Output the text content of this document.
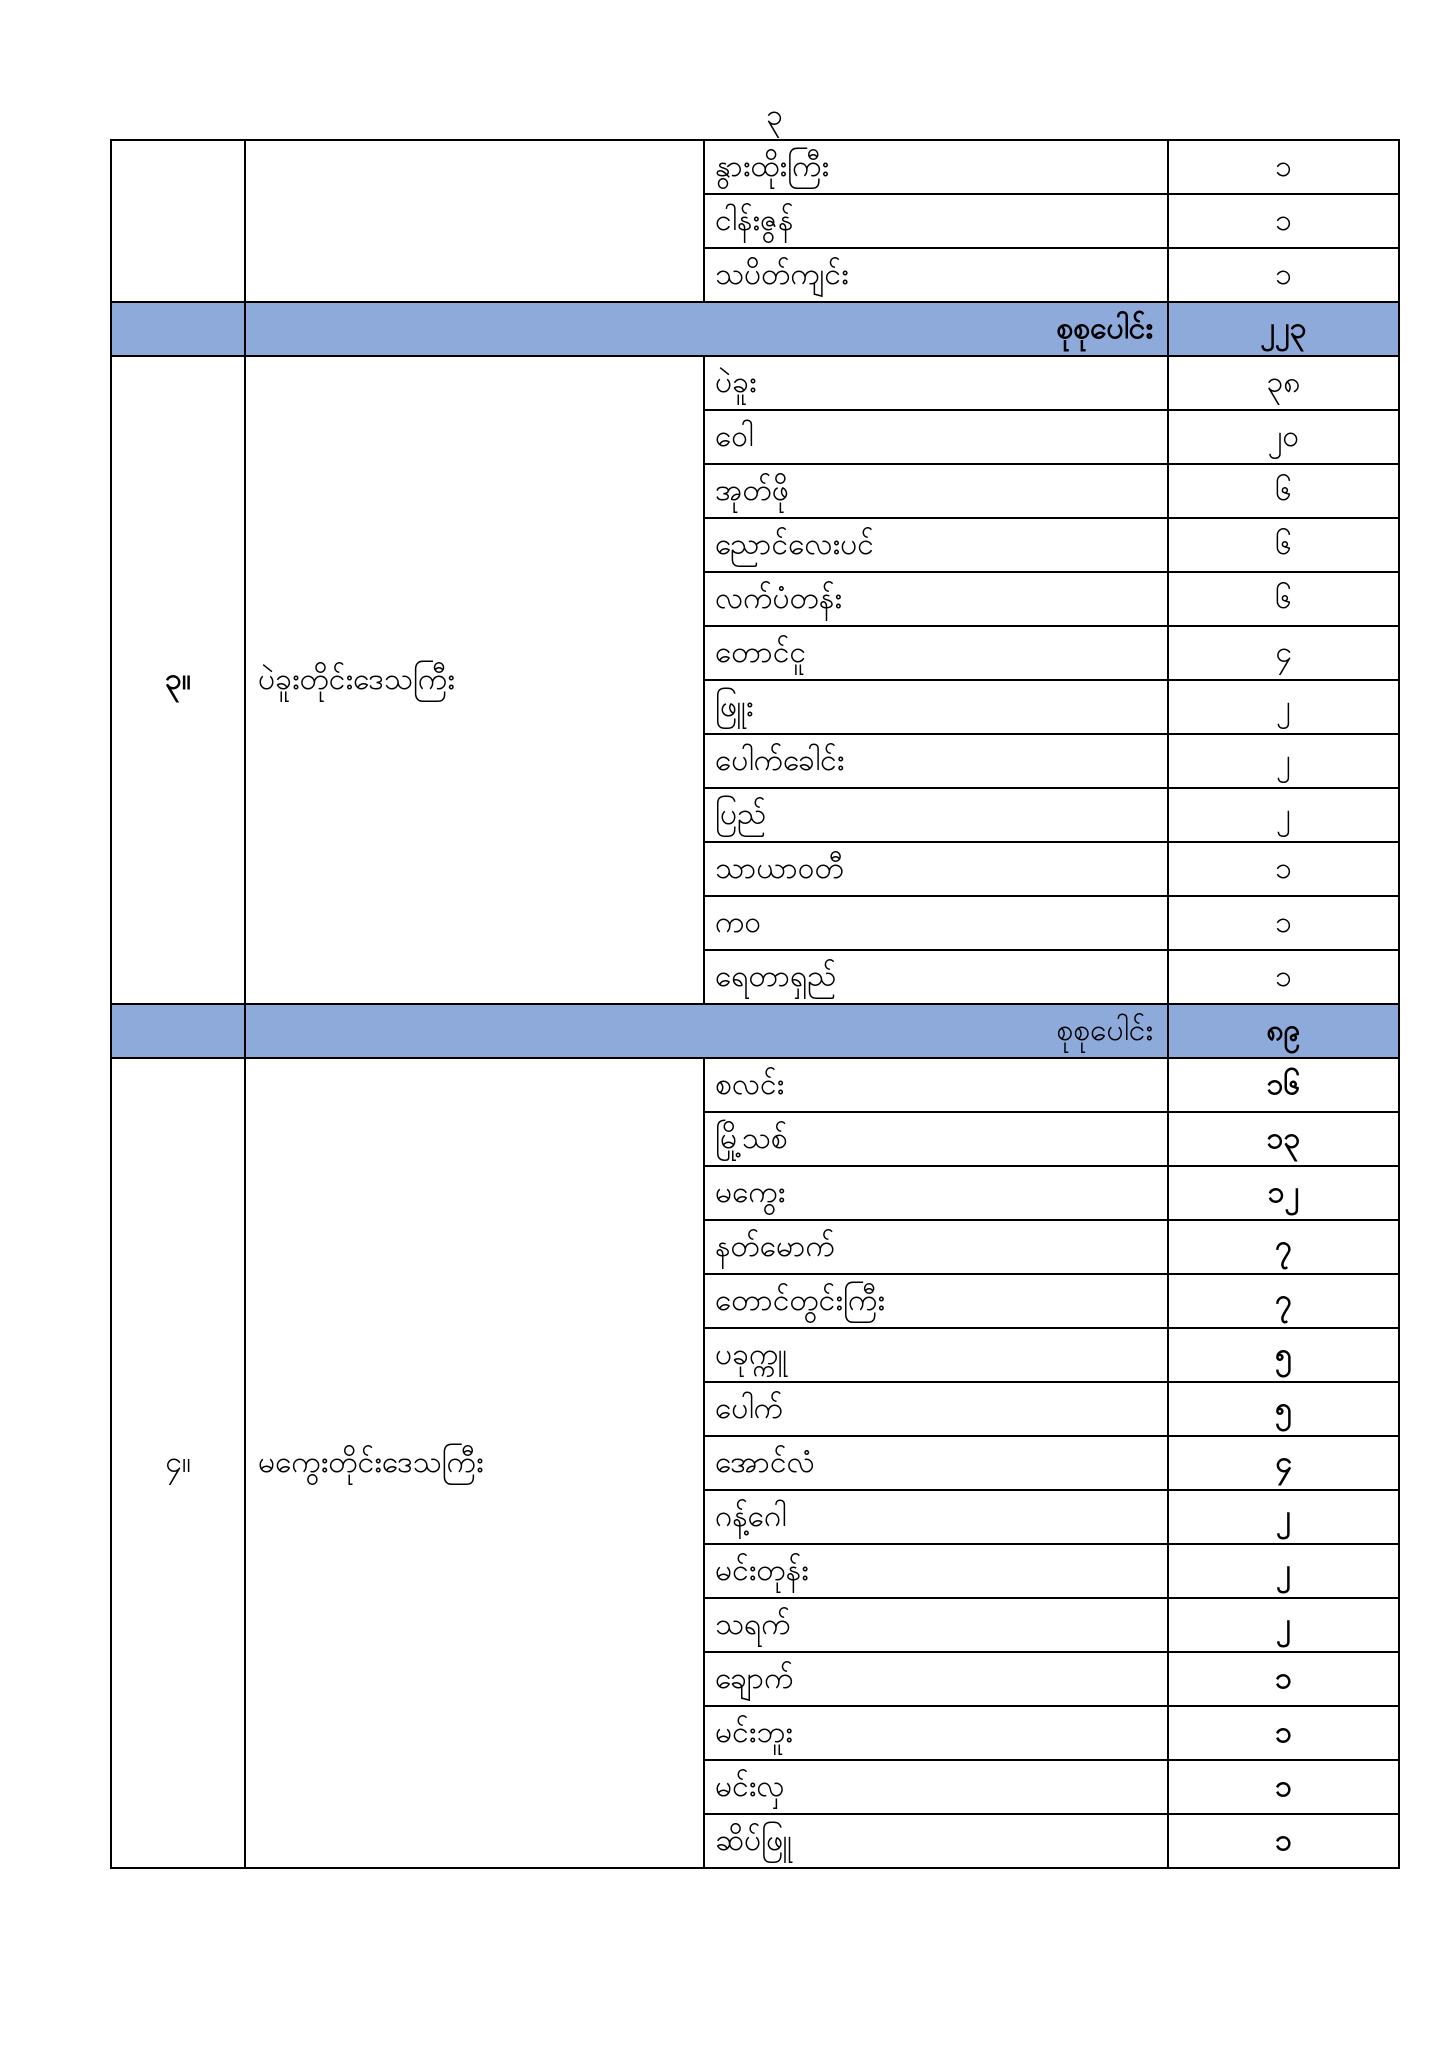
၃
		နွားထိုးကြီး	၁
		ငါန်းဇွန်	၁
		သပိတ်ကျင်း	၁
	စုစုပေါင်း		၂၂၃
၃။	ပဲခူးတိုင်းဒေသကြီး	ပဲခူး	၃၈
		ဝေါ	၂၀
		အုတ်ဖို	၆
		ညောင်လေးပင်	၆
		လက်ပံတန်း	၆
		တောင်ငူ	၄
		ဖြူး	၂
		ပေါက်ခေါင်း	၂
		ပြည်	၂
		သာယာဝတီ	၁
		ကဝ	၁
		ရေတာရှည်	၁
	စုစုပေါင်း		၈၉
၄။	မကွေးတိုင်းဒေသကြီး	စလင်း	၁၆
		မြို့သစ်	၁၃
		မကွေး	၁၂
		နတ်မောက်	၇
		တောင်တွင်းကြီး	၇
		ပခုက္ကူ	၅
		ပေါက်	၅
		အောင်လံ	၄
		ဂန့်ဂေါ	၂
		မင်းတုန်း	၂
		သရက်	၂
		ချောက်	၁
		မင်းဘူး	၁
		မင်းလှ	၁
		ဆိပ်ဖြူ	၁
